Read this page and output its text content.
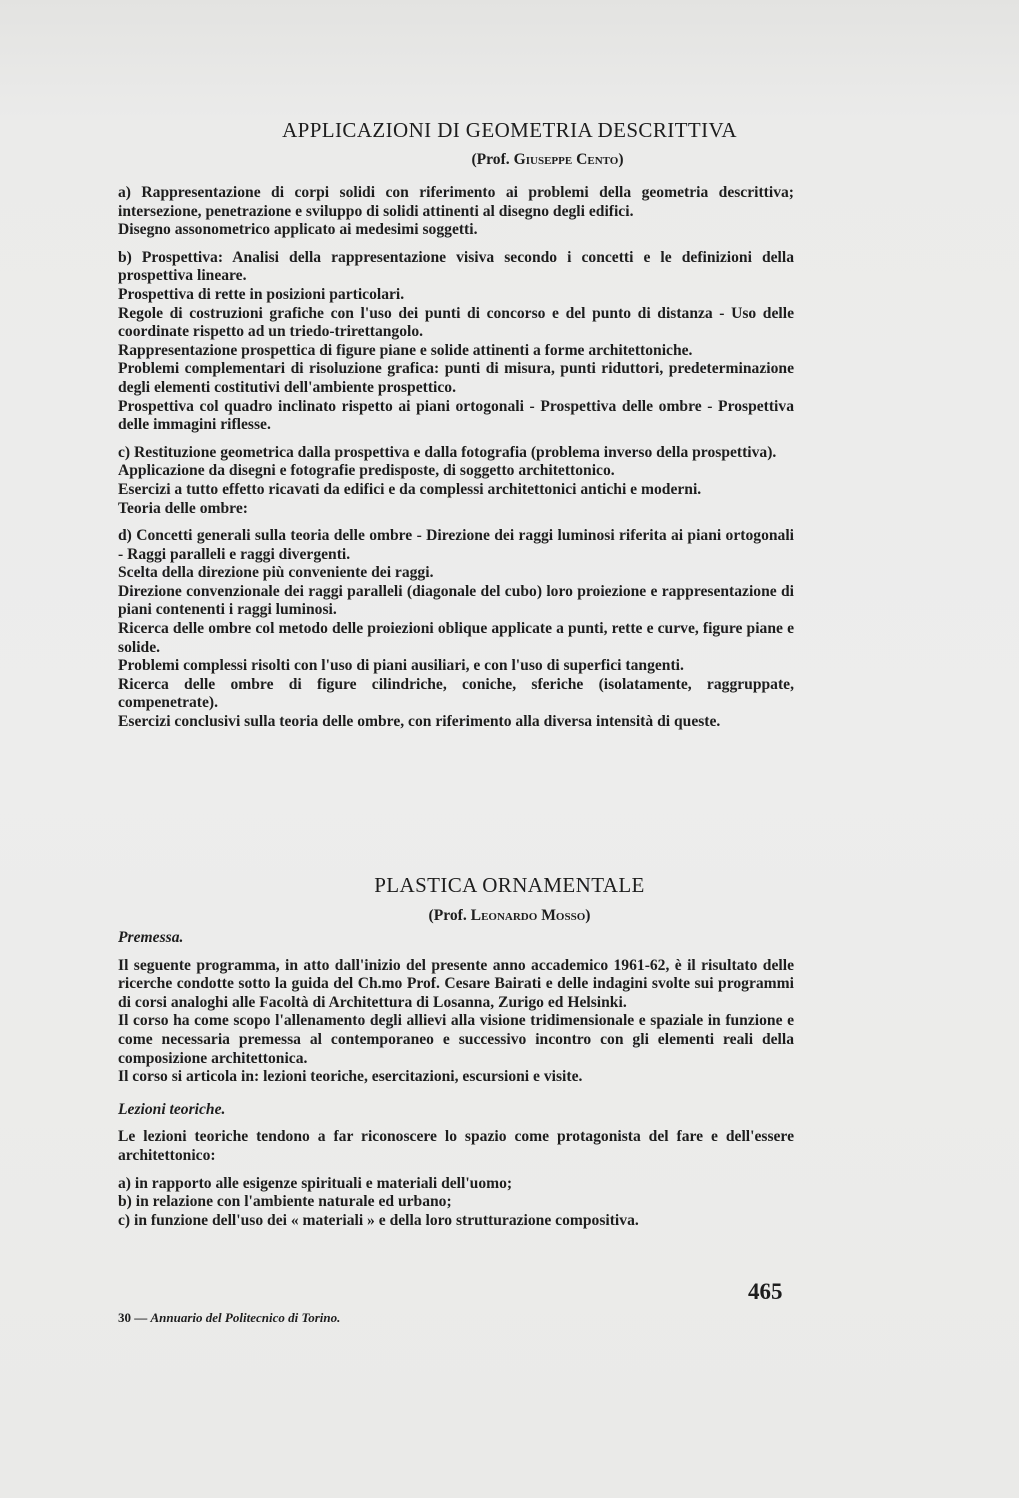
APPLICAZIONI DI GEOMETRIA DESCRITTIVA
(Prof. Giuseppe Cento)

a) Rappresentazione di corpi solidi con riferimento ai problemi della geometria descrittiva; intersezione, penetrazione e sviluppo di solidi attinenti al disegno degli edifici.

Disegno assonometrico applicato ai medesimi soggetti.

b) Prospettiva: Analisi della rappresentazione visiva secondo i concetti e le definizioni della prospettiva lineare.

Prospettiva di rette in posizioni particolari.

Regole di costruzioni grafiche con l'uso dei punti di concorso e del punto di distanza - Uso delle coordinate rispetto ad un triedo-trirettangolo.

Rappresentazione prospettica di figure piane e solide attinenti a forme architettoniche.

Problemi complementari di risoluzione grafica: punti di misura, punti riduttori, predeterminazione degli elementi costitutivi dell'ambiente prospettico.

Prospettiva col quadro inclinato rispetto ai piani ortogonali - Prospettiva delle ombre - Prospettiva delle immagini riflesse.

c) Restituzione geometrica dalla prospettiva e dalla fotografia (problema inverso della prospettiva).

Applicazione da disegni e fotografie predisposte, di soggetto architettonico.

Esercizi a tutto effetto ricavati da edifici e da complessi architettonici antichi e moderni.

Teoria delle ombre:

d) Concetti generali sulla teoria delle ombre - Direzione dei raggi luminosi riferita ai piani ortogonali - Raggi paralleli e raggi divergenti.

Scelta della direzione più conveniente dei raggi.

Direzione convenzionale dei raggi paralleli (diagonale del cubo) loro proiezione e rappresentazione di piani contenenti i raggi luminosi.

Ricerca delle ombre col metodo delle proiezioni oblique applicate a punti, rette e curve, figure piane e solide.

Problemi complessi risolti con l'uso di piani ausiliari, e con l'uso di superfici tangenti.

Ricerca delle ombre di figure cilindriche, coniche, sferiche (isolatamente, raggruppate, compenetrate).

Esercizi conclusivi sulla teoria delle ombre, con riferimento alla diversa intensità di queste.

PLASTICA ORNAMENTALE
(Prof. Leonardo Mosso)

Premessa.

Il seguente programma, in atto dall'inizio del presente anno accademico 1961-62, è il risultato delle ricerche condotte sotto la guida del Ch.mo Prof. Cesare Bairati e delle indagini svolte sui programmi di corsi analoghi alle Facoltà di Architettura di Losanna, Zurigo ed Helsinki.

Il corso ha come scopo l'allenamento degli allievi alla visione tridimensionale e spaziale in funzione e come necessaria premessa al contemporaneo e successivo incontro con gli elementi reali della composizione architettonica.

Il corso si articola in: lezioni teoriche, esercitazioni, escursioni e visite.

Lezioni teoriche.

Le lezioni teoriche tendono a far riconoscere lo spazio come protagonista del fare e dell'essere architettonico:

a) in rapporto alle esigenze spirituali e materiali dell'uomo;

b) in relazione con l'ambiente naturale ed urbano;

c) in funzione dell'uso dei « materiali » e della loro strutturazione compositiva.

465
30 — Annuario del Politecnico di Torino.
